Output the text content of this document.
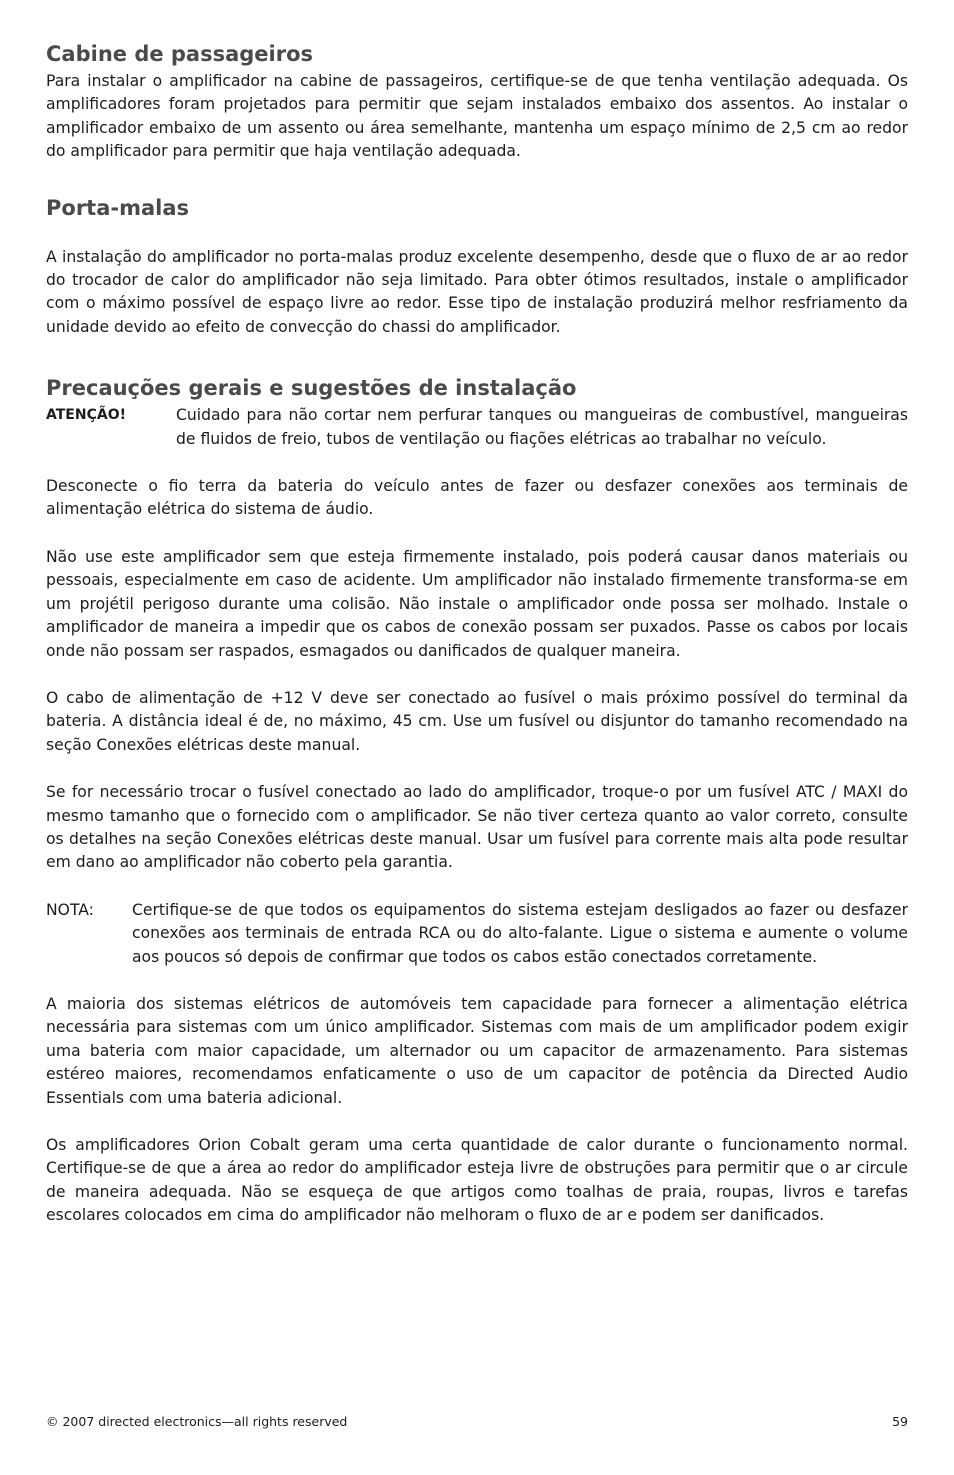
Cabine de passageiros

Para instalar o amplificador na cabine de passageiros, certifique-se de que tenha ventilação adequada. Os amplificadores foram projetados para permitir que sejam instalados embaixo dos assentos. Ao instalar o amplificador embaixo de um assento ou área semelhante, mantenha um espaço mínimo de 2,5 cm ao redor do amplificador para permitir que haja ventilação adequada.

Porta-malas

A instalação do amplificador no porta-malas produz excelente desempenho, desde que o fluxo de ar ao redor do trocador de calor do amplificador não seja limitado. Para obter ótimos resultados, instale o amplificador com o máximo possível de espaço livre ao redor. Esse tipo de instalação produzirá melhor resfriamento da unidade devido ao efeito de convecção do chassi do amplificador.

Precauções gerais e sugestões de instalação
ATENÇÃO!	Cuidado para não cortar nem perfurar tanques ou mangueiras de combustível, mangueiras de fluidos de freio, tubos de ventilação ou fiações elétricas ao trabalhar no veículo.

Desconecte o fio terra da bateria do veículo antes de fazer ou desfazer conexões aos terminais de alimentação elétrica do sistema de áudio.

Não use este amplificador sem que esteja firmemente instalado, pois poderá causar danos materiais ou pessoais, especialmente em caso de acidente. Um amplificador não instalado firmemente transforma-se em um projétil perigoso durante uma colisão. Não instale o amplificador onde possa ser molhado. Instale o amplificador de maneira a impedir que os cabos de conexão possam ser puxados. Passe os cabos por locais onde não possam ser raspados, esmagados ou danificados de qualquer maneira.

O cabo de alimentação de +12 V deve ser conectado ao fusível o mais próximo possível do terminal da bateria. A distância ideal é de, no máximo, 45 cm. Use um fusível ou disjuntor do tamanho recomendado na seção Conexões elétricas deste manual.

Se for necessário trocar o fusível conectado ao lado do amplificador, troque-o por um fusível ATC / MAXI do mesmo tamanho que o fornecido com o amplificador. Se não tiver certeza quanto ao valor correto, consulte os detalhes na seção Conexões elétricas deste manual. Usar um fusível para corrente mais alta pode resultar em dano ao amplificador não coberto pela garantia.

NOTA:	Certifique-se de que todos os equipamentos do sistema estejam desligados ao fazer ou desfazer conexões aos terminais de entrada RCA ou do alto-falante. Ligue o sistema e aumente o volume aos poucos só depois de confirmar que todos os cabos estão conectados corretamente.

A maioria dos sistemas elétricos de automóveis tem capacidade para fornecer a alimentação elétrica necessária para sistemas com um único amplificador. Sistemas com mais de um amplificador podem exigir uma bateria com maior capacidade, um alternador ou um capacitor de armazenamento. Para sistemas estéreo maiores, recomendamos enfaticamente o uso de um capacitor de potência da Directed Audio Essentials com uma bateria adicional.

Os amplificadores Orion Cobalt geram uma certa quantidade de calor durante o funcionamento normal. Certifique-se de que a área ao redor do amplificador esteja livre de obstruções para permitir que o ar circule de maneira adequada. Não se esqueça de que artigos como toalhas de praia, roupas, livros e tarefas escolares colocados em cima do amplificador não melhoram o fluxo de ar e podem ser danificados.

© 2007 directed electronics—all rights reserved	59
